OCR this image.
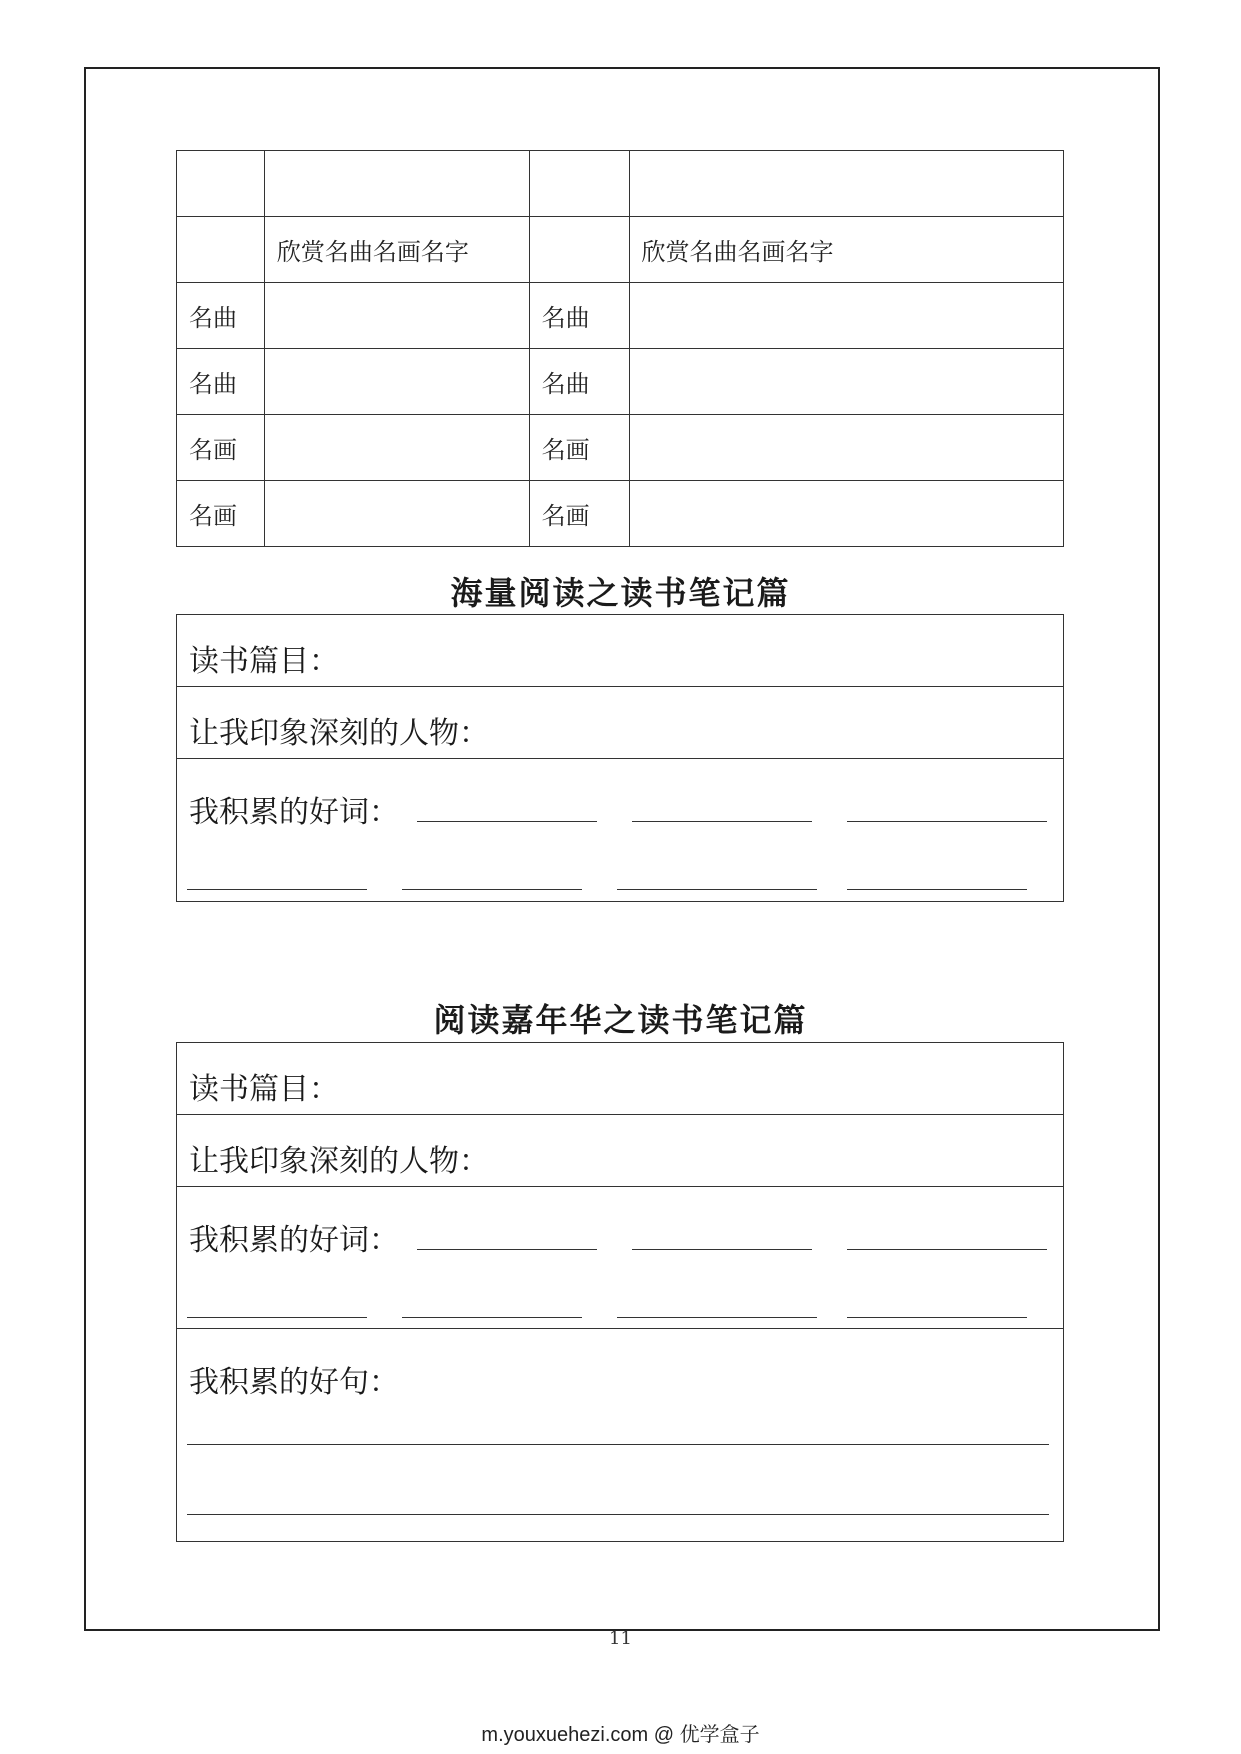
	欣赏名曲名画名字		欣赏名曲名画名字
名曲		名曲	
名曲		名曲	
名画		名画	
名画		名画	
海量阅读之读书笔记篇
读书篇目：
让我印象深刻的人物：
我积累的好词：
阅读嘉年华之读书笔记篇
读书篇目：
让我印象深刻的人物：
我积累的好词：
我积累的好句：
11
m.youxuehezi.com @ 优学盒子
